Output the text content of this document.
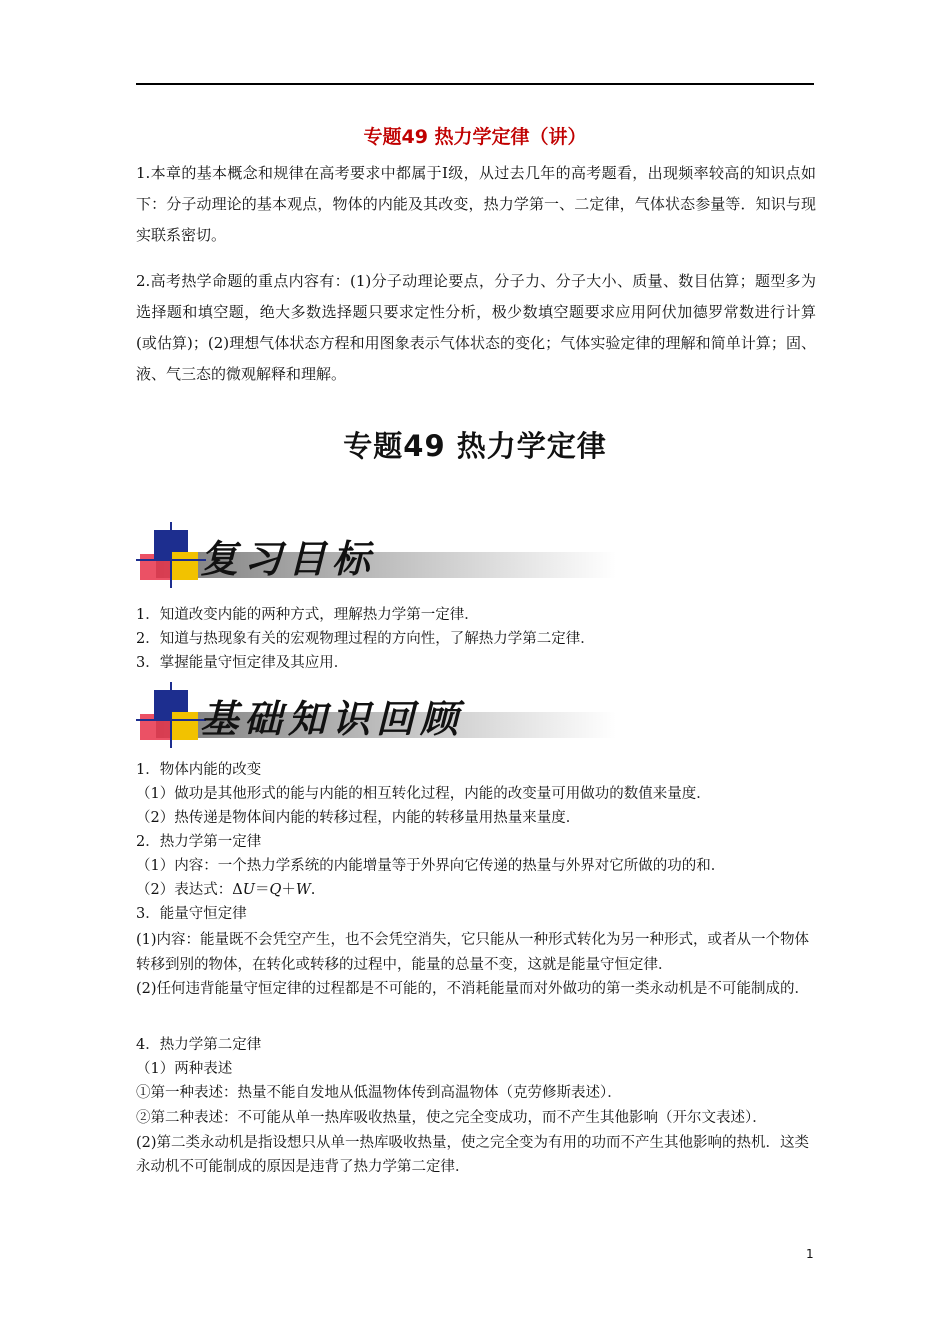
专题49 热力学定律（讲）

1.本章的基本概念和规律在高考要求中都属于Ⅰ级，从过去几年的高考题看，出现频率较高的知识点如下：分子动理论的基本观点，物体的内能及其改变，热力学第一、二定律，气体状态参量等．知识与现实联系密切。

2.高考热学命题的重点内容有：(1)分子动理论要点，分子力、分子大小、质量、数目估算；题型多为选择题和填空题，绝大多数选择题只要求定性分析，极少数填空题要求应用阿伏加德罗常数进行计算(或估算)；(2)理想气体状态方程和用图象表示气体状态的变化；气体实验定律的理解和简单计算；固、液、气三态的微观解释和理解。

专题49 热力学定律
复习目标
1．知道改变内能的两种方式，理解热力学第一定律．
2．知道与热现象有关的宏观物理过程的方向性，了解热力学第二定律．
3．掌握能量守恒定律及其应用．
基础知识回顾
1．物体内能的改变
（1）做功是其他形式的能与内能的相互转化过程，内能的改变量可用做功的数值来量度．
（2）热传递是物体间内能的转移过程，内能的转移量用热量来量度．
2．热力学第一定律
（1）内容：一个热力学系统的内能增量等于外界向它传递的热量与外界对它所做的功的和．
（2）表达式：ΔU＝Q＋W.
3．能量守恒定律
(1)内容：能量既不会凭空产生，也不会凭空消失，它只能从一种形式转化为另一种形式，或者从一个物体转移到别的物体，在转化或转移的过程中，能量的总量不变，这就是能量守恒定律．
(2)任何违背能量守恒定律的过程都是不可能的，不消耗能量而对外做功的第一类永动机是不可能制成的．
4．热力学第二定律
（1）两种表述
①第一种表述：热量不能自发地从低温物体传到高温物体（克劳修斯表述）．
②第二种表述：不可能从单一热库吸收热量，使之完全变成功，而不产生其他影响（开尔文表述）．
(2)第二类永动机是指设想只从单一热库吸收热量，使之完全变为有用的功而不产生其他影响的热机．这类永动机不可能制成的原因是违背了热力学第二定律．
1
